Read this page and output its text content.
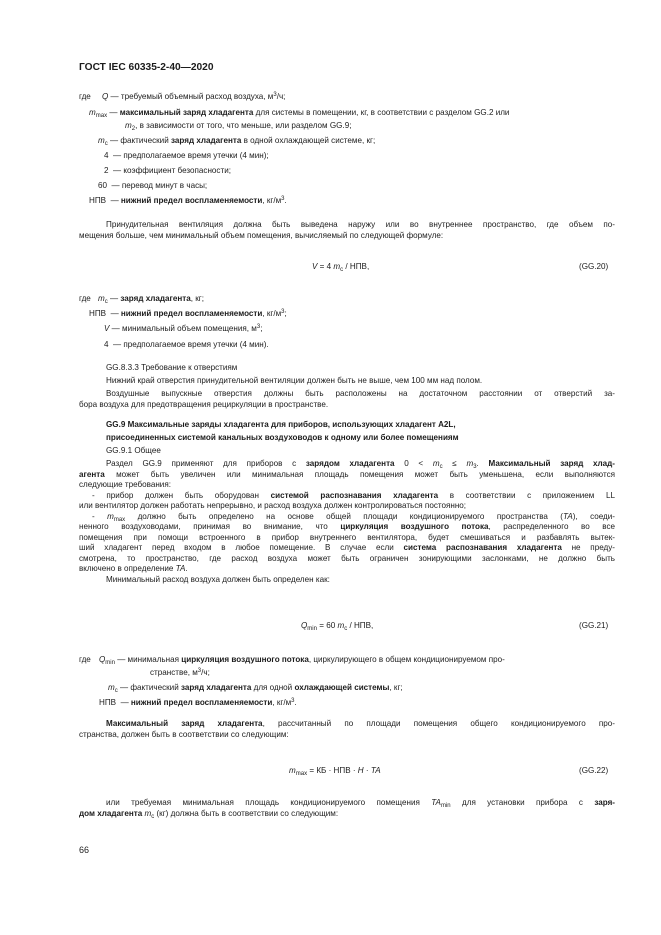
ГОСТ IEC 60335-2-40—2020
где Q — требуемый объемный расход воздуха, $м^3/ч$;
$m_{max}$ — максимальный заряд хладагента для системы в помещении, кг, в соответствии с разделом GG.2 или
$m_2$, в зависимости от того, что меньше, или разделом GG.9;
$m_c$ — фактический заряд хладагента в одной охлаждающей системе, кг;
4 — предполагаемое время утечки (4 мин);
2 — коэффициент безопасности;
60 — перевод минут в часы;
НПВ — нижний предел воспламеняемости, $кг/м^3$.
Принудительная вентиляция должна быть выведена наружу или во внутреннее пространство, где объем по-
мещения больше, чем минимальный объем помещения, вычисляемый по следующей формуле:
V = 4 $m_c$ / НПВ,	(GG.20)
где $m_c$ — заряд хладагента, кг;
НПВ — нижний предел воспламеняемости, $кг/м^3$;
V — минимальный объем помещения, $м^3$;
4 — предполагаемое время утечки (4 мин).
GG.8.3.3 Требование к отверстиям
Нижний край отверстия принудительной вентиляции должен быть не выше, чем 100 мм над полом.
Воздушные выпускные отверстия должны быть расположены на достаточном расстоянии от отверстий за-
бора воздуха для предотвращения рециркуляции в пространстве.
GG.9 Максимальные заряды хладагента для приборов, использующих хладагент A2L,
присоединенных системой канальных воздуховодов к одному или более помещениям
GG.9.1 Общее
Раздел GG.9 применяют для приборов с зарядом хладагента $0 < m_c \le m_3$. Максимальный заряд хлад-
агента может быть увеличен или минимальная площадь помещения может быть уменьшена, если выполняются
следующие требования:
- прибор должен быть оборудован системой распознавания хладагента в соответствии с приложением LL
или вентилятор должен работать непрерывно, и расход воздуха должен контролироваться постоянно;
- $m_{max}$ должно быть определено на основе общей площади кондиционируемого пространства (TA), соеди-
ненного воздуховодами, принимая во внимание, что циркуляция воздушного потока, распределенного во все
помещения при помощи встроенного в прибор внутреннего вентилятора, будет смешиваться и разбавлять вытек-
ший хладагент перед входом в любое помещение. В случае если система распознавания хладагента не преду-
смотрена, то пространство, где расход воздуха может быть ограничен зонирующими заслонками, не должно быть
включено в определение TA.
Минимальный расход воздуха должен быть определен как:
$Q_{min} = 60$ $m_c$ / НПВ,	(GG.21)
где $Q_{min}$ — минимальная циркуляция воздушного потока, циркулирующего в общем кондиционируемом про-
странстве, $м^3/ч$;
$m_c$ — фактический заряд хладагента для одной охлаждающей системы, кг;
НПВ — нижний предел воспламеняемости, $кг/м^3$.
Максимальный заряд хладагента, рассчитанный по площади помещения общего кондиционируемого про-
странства, должен быть в соответствии со следующим:
$m_{max}$ = КБ · НПВ · H · TA	(GG.22)
или требуемая минимальная площадь кондиционируемого помещения $TA_{min}$ для установки прибора с заря-
дом хладагента $m_c$ (кг) должна быть в соответствии со следующим:
66
